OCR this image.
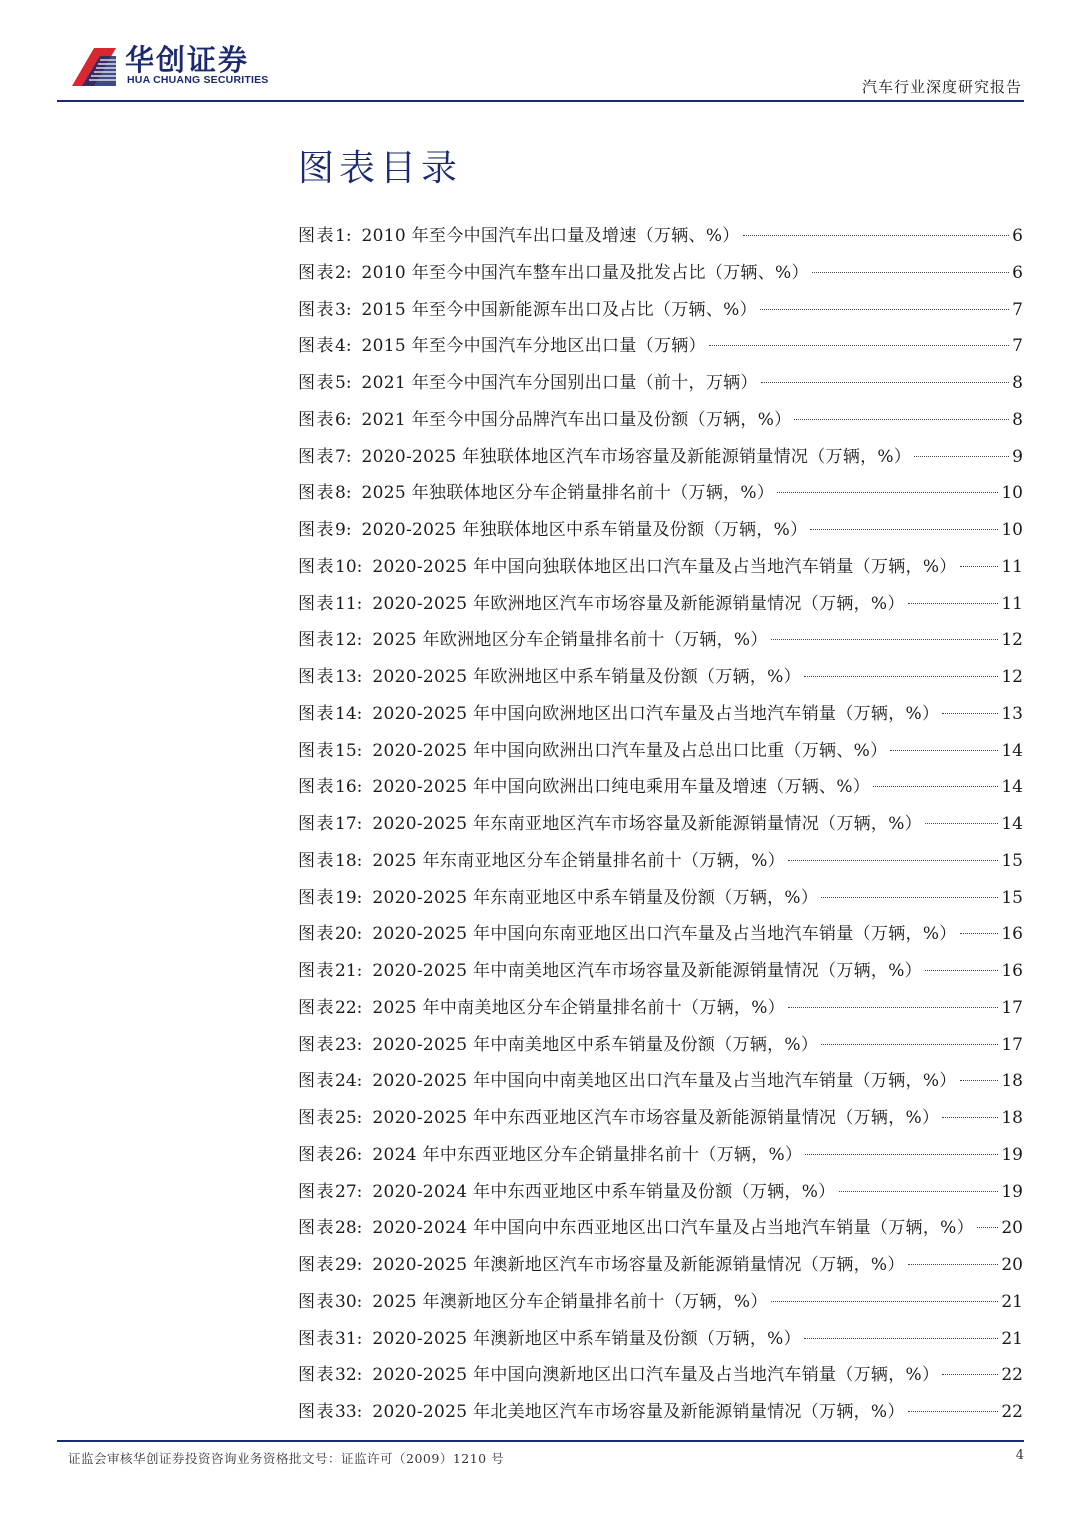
华创证券
HUA CHUANG SECURITIES	汽车行业深度研究报告
图表目录
图表 1: 2010 年至今中国汽车出口量及增速（万辆、%）	6
图表 2: 2010 年至今中国汽车整车出口量及批发占比（万辆、%）	6
图表 3: 2015 年至今中国新能源车出口及占比（万辆、%）	7
图表 4: 2015 年至今中国汽车分地区出口量（万辆）	7
图表 5: 2021 年至今中国汽车分国别出口量（前十，万辆）	8
图表 6: 2021 年至今中国分品牌汽车出口量及份额（万辆，%）	8
图表 7: 2020-2025 年独联体地区汽车市场容量及新能源销量情况（万辆，%）	9
图表 8: 2025 年独联体地区分车企销量排名前十（万辆，%）	10
图表 9: 2020-2025 年独联体地区中系车销量及份额（万辆，%）	10
图表 10: 2020-2025 年中国向独联体地区出口汽车量及占当地汽车销量（万辆，%）	11
图表 11: 2020-2025 年欧洲地区汽车市场容量及新能源销量情况（万辆，%）	11
图表 12: 2025 年欧洲地区分车企销量排名前十（万辆，%）	12
图表 13: 2020-2025 年欧洲地区中系车销量及份额（万辆，%）	12
图表 14: 2020-2025 年中国向欧洲地区出口汽车量及占当地汽车销量（万辆，%）	13
图表 15: 2020-2025 年中国向欧洲出口汽车量及占总出口比重（万辆、%）	14
图表 16: 2020-2025 年中国向欧洲出口纯电乘用车量及增速（万辆、%）	14
图表 17: 2020-2025 年东南亚地区汽车市场容量及新能源销量情况（万辆，%）	14
图表 18: 2025 年东南亚地区分车企销量排名前十（万辆，%）	15
图表 19: 2020-2025 年东南亚地区中系车销量及份额（万辆，%）	15
图表 20: 2020-2025 年中国向东南亚地区出口汽车量及占当地汽车销量（万辆，%）	16
图表 21: 2020-2025 年中南美地区汽车市场容量及新能源销量情况（万辆，%）	16
图表 22: 2025 年中南美地区分车企销量排名前十（万辆，%）	17
图表 23: 2020-2025 年中南美地区中系车销量及份额（万辆，%）	17
图表 24: 2020-2025 年中国向中南美地区出口汽车量及占当地汽车销量（万辆，%）	18
图表 25: 2020-2025 年中东西亚地区汽车市场容量及新能源销量情况（万辆，%）	18
图表 26: 2024 年中东西亚地区分车企销量排名前十（万辆，%）	19
图表 27: 2020-2024 年中东西亚地区中系车销量及份额（万辆，%）	19
图表 28: 2020-2024 年中国向中东西亚地区出口汽车量及占当地汽车销量（万辆，%） 20
图表 29: 2020-2025 年澳新地区汽车市场容量及新能源销量情况（万辆，%）	20
图表 30: 2025 年澳新地区分车企销量排名前十（万辆，%）	21
图表 31: 2020-2025 年澳新地区中系车销量及份额（万辆，%）	21
图表 32: 2020-2025 年中国向澳新地区出口汽车量及占当地汽车销量（万辆，%）	22
图表 33: 2020-2025 年北美地区汽车市场容量及新能源销量情况（万辆，%）	22
证监会审核华创证券投资咨询业务资格批文号：证监许可（2009）1210 号	4
